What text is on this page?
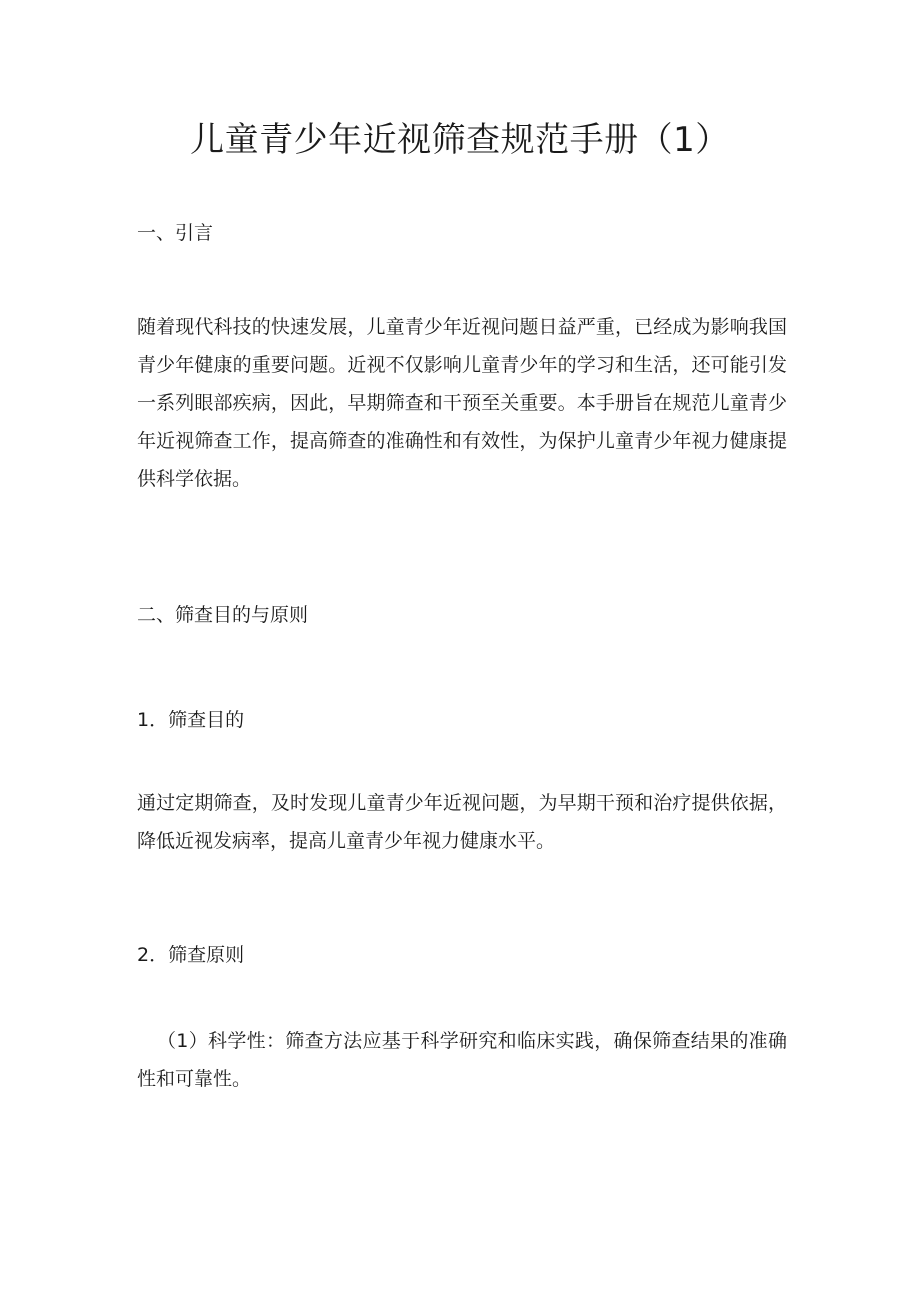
儿童青少年近视筛查规范手册（1）
一、引言

随着现代科技的快速发展，儿童青少年近视问题日益严重，已经成为影响我国青少年健康的重要问题。近视不仅影响儿童青少年的学习和生活，还可能引发一系列眼部疾病，因此，早期筛查和干预至关重要。本手册旨在规范儿童青少年近视筛查工作，提高筛查的准确性和有效性，为保护儿童青少年视力健康提供科学依据。

二、筛查目的与原则
1．筛查目的

通过定期筛查，及时发现儿童青少年近视问题，为早期干预和治疗提供依据，降低近视发病率，提高儿童青少年视力健康水平。

2．筛查原则

（1）科学性：筛查方法应基于科学研究和临床实践，确保筛查结果的准确性和可靠性。
